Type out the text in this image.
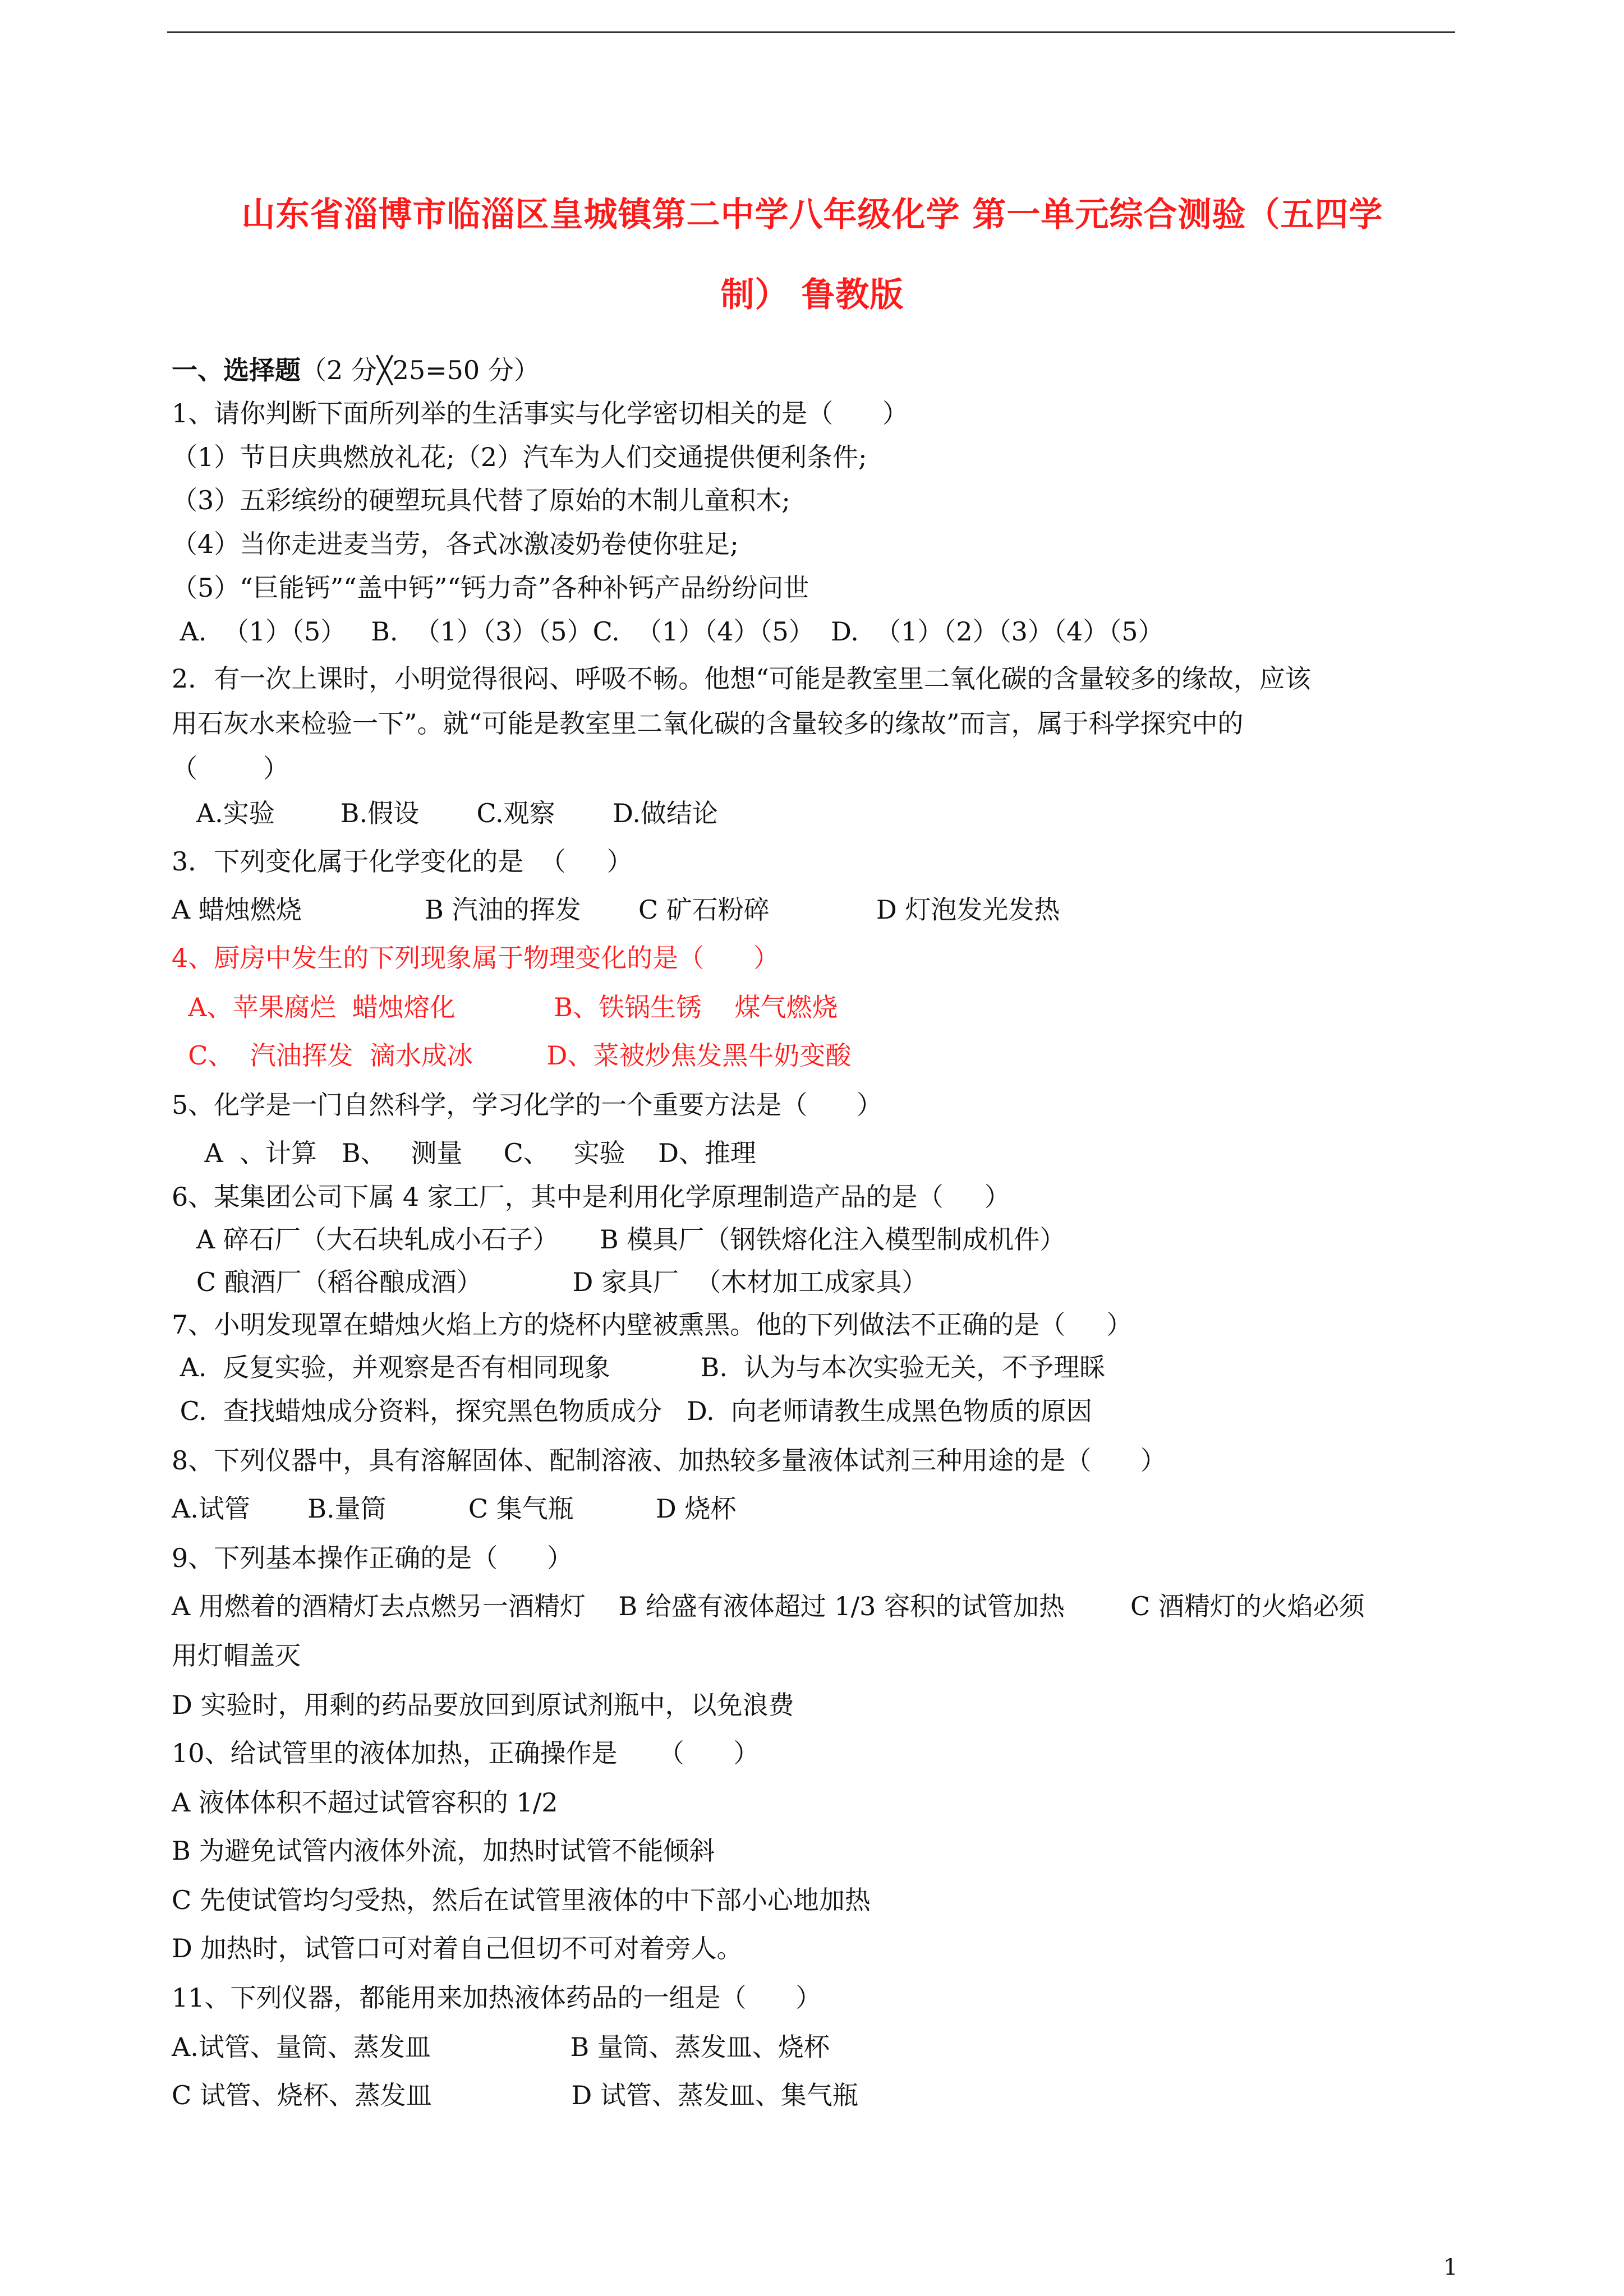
山东省淄博市临淄区皇城镇第二中学八年级化学 第一单元综合测验（五四学
制） 鲁教版
一、选择题（2 分╳25=50 分）
1、请你判断下面所列举的生活事实与化学密切相关的是（      ）
（1）节日庆典燃放礼花;（2）汽车为人们交通提供便利条件;
（3）五彩缤纷的硬塑玩具代替了原始的木制儿童积木;
（4）当你走进麦当劳，各式冰激凌奶卷使你驻足;
（5）“巨能钙”“盖中钙”“钙力奇”各种补钙产品纷纷问世
A.  （1）（5）   B.  （1）（3）（5）C.  （1）（4）（5）  D.  （1）（2）（3）（4）（5）
2．有一次上课时，小明觉得很闷、呼吸不畅。他想“可能是教室里二氧化碳的含量较多的缘故，应该
用石灰水来检验一下”。就“可能是教室里二氧化碳的含量较多的缘故”而言，属于科学探究中的
（        ）
A.实验        B.假设       C.观察       D.做结论
3．下列变化属于化学变化的是  （     ）
A 蜡烛燃烧               B 汽油的挥发       C 矿石粉碎             D 灯泡发光发热
4、厨房中发生的下列现象属于物理变化的是（      ）
A、苹果腐烂  蜡烛熔化            B、铁锅生锈    煤气燃烧
C、  汽油挥发  滴水成冰         D、菜被炒焦发黑牛奶变酸
5、化学是一门自然科学，学习化学的一个重要方法是（      ）
A  、计算   B、   测量     C、   实验    D、推理
6、某集团公司下属 4 家工厂，其中是利用化学原理制造产品的是（     ）
A 碎石厂（大石块轧成小石子）     B 模具厂（钢铁熔化注入模型制成机件）
C 酿酒厂（稻谷酿成酒）           D 家具厂  （木材加工成家具）
7、小明发现罩在蜡烛火焰上方的烧杯内壁被熏黑。他的下列做法不正确的是（     ）
A.  反复实验，并观察是否有相同现象           B.  认为与本次实验无关，不予理睬
C.  查找蜡烛成分资料，探究黑色物质成分   D.  向老师请教生成黑色物质的原因
8、下列仪器中，具有溶解固体、配制溶液、加热较多量液体试剂三种用途的是（      ）
A.试管       B.量筒          C 集气瓶          D 烧杯
9、下列基本操作正确的是（      ）
A 用燃着的酒精灯去点燃另一酒精灯    B 给盛有液体超过 1/3 容积的试管加热        C 酒精灯的火焰必须
用灯帽盖灭
D 实验时，用剩的药品要放回到原试剂瓶中，以免浪费
10、给试管里的液体加热，正确操作是     （      ）
A 液体体积不超过试管容积的 1/2
B 为避免试管内液体外流，加热时试管不能倾斜
C 先使试管均匀受热，然后在试管里液体的中下部小心地加热
D 加热时，试管口可对着自己但切不可对着旁人。
11、下列仪器，都能用来加热液体药品的一组是（      ）
A.试管、量筒、蒸发皿                 B 量筒、蒸发皿、烧杯
C 试管、烧杯、蒸发皿                 D 试管、蒸发皿、集气瓶
1
